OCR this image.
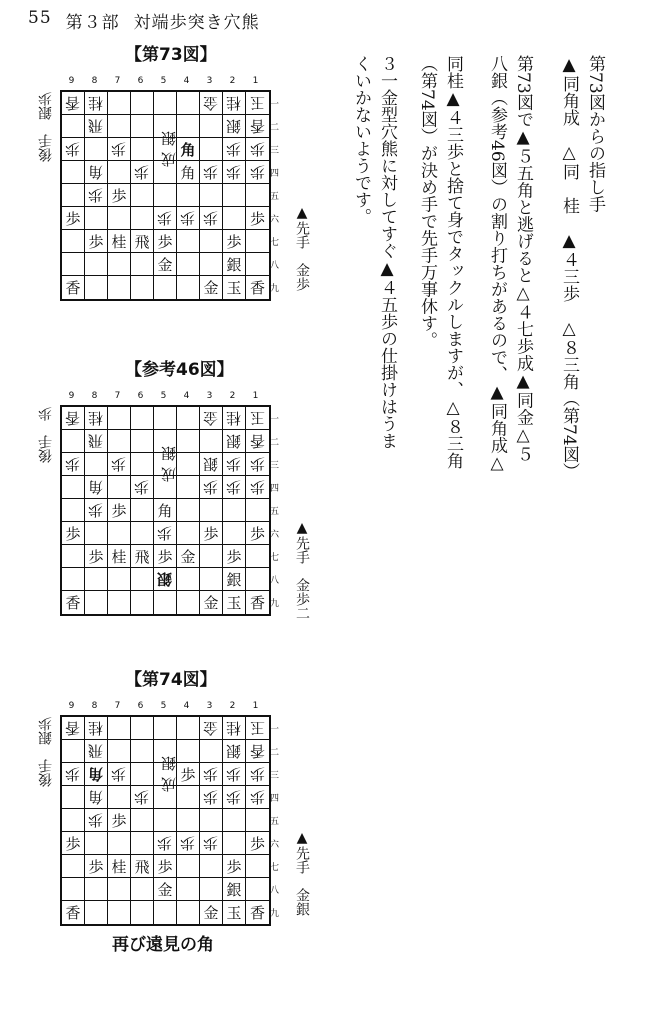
55 第３部 対端歩突き穴熊
第73図からの指し手
▲同角成　△同　桂　▲４三歩　△８三角（第74図）
第73図で▲５五角と逃げると△４七歩成▲同金△５
八銀（参考46図）の割り打ちがあるので、▲同角成△
同桂▲４三歩と捨て身でタックルしますが、△８三角
（第74図）が決め手で先手万事休す。
３一金型穴熊に対してすぐ▲４五歩の仕掛けはうま
くいかないようです。
【第73図】
9	8	7	6	5	4	3	2	1
香 桂	金 桂 玉
飛	銀 香
歩 歩
成銀
角 歩 歩
角 歩 角 歩 歩 歩
歩 歩
歩	歩 歩 歩 歩
歩 桂 飛 歩	歩
金	銀
香	金 玉 香
一
二
三
四
五
六
七
八
九
後手　銀歩
▲先手　金歩
【参考46図】
9	8	7	6	5	4	3	2	1
香 桂	金 桂 玉
飛	銀 香
歩 歩
成銀
銀 歩 歩
角 歩	歩 歩 歩
歩 歩 角
歩	歩 歩 歩
歩 桂 飛 歩 金 歩
銀	銀
香	金 玉 香
一
二
三
四
五
六
七
八
九
後手　歩
▲先手　金歩二
【第74図】
9	8	7	6	5	4	3	2	1
香 桂	金 桂 玉
飛	銀 香
歩 角 歩
成銀
歩 歩 歩 歩
角 歩	歩 歩 歩
歩 歩
歩	歩 歩 歩 歩
歩 桂 飛 歩	歩
金	銀
香	金 玉 香
一
二
三
四
五
六
七
八
九
後手　銀歩
▲先手　金銀
再び遠見の角
